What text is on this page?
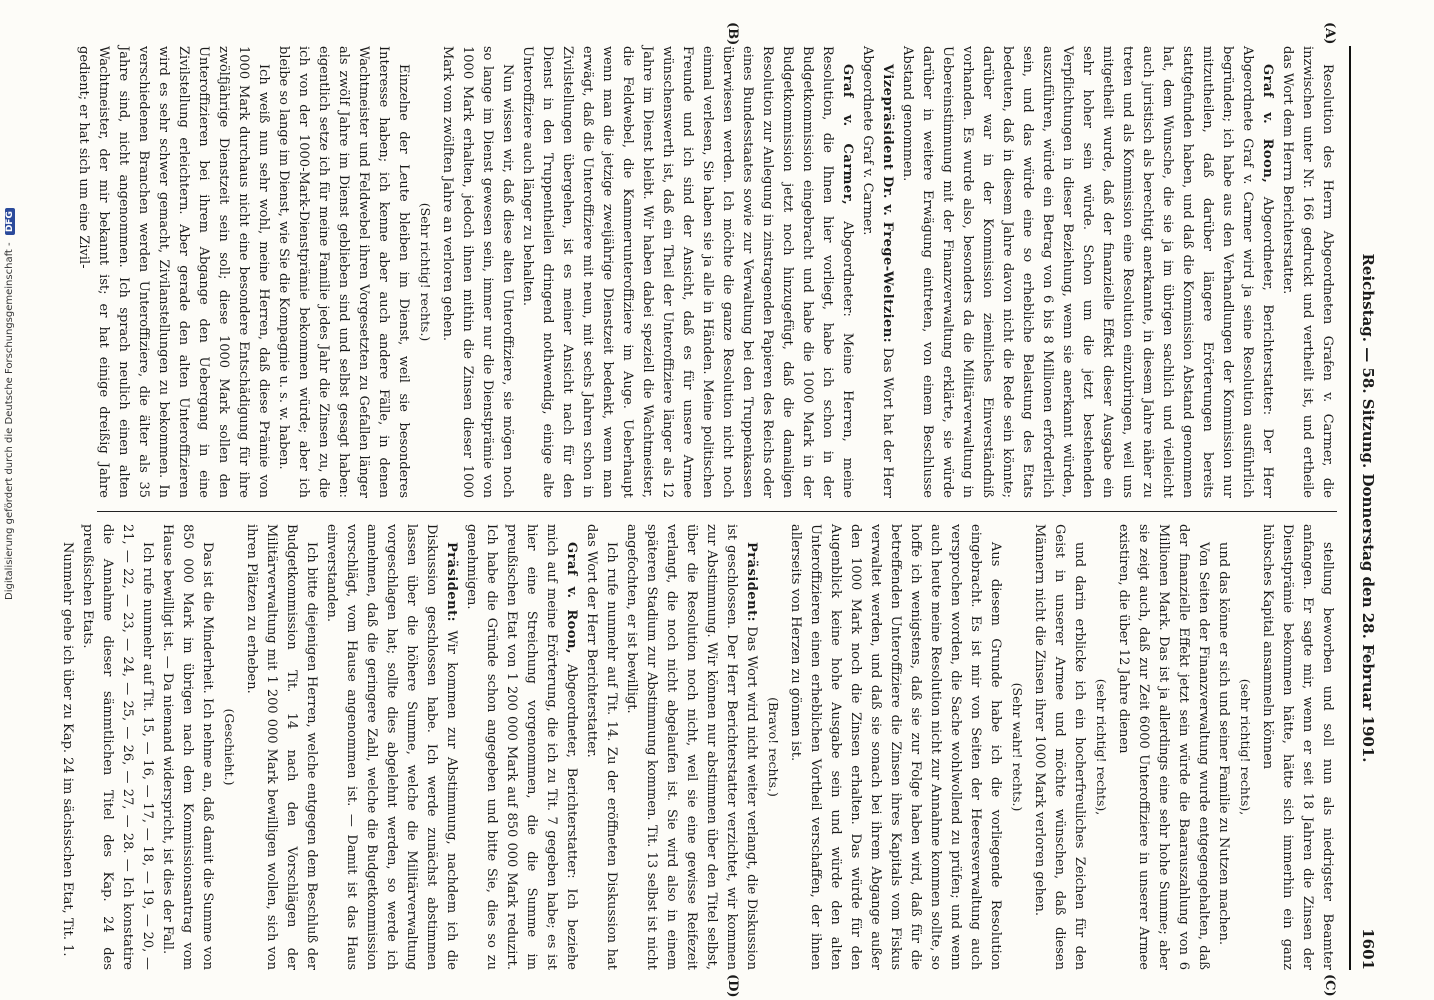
Reichstag. — 58. Sitzung. Donnerstag den 28. Februar 1901.
1601
(A)
(B)
(C)
(D)

Resolution des Herrn Abgeordneten Grafen v. Carmer, die inzwischen unter Nr. 166 gedruckt und vertheilt ist, und ertheile das Wort dem Herrn Berichterstatter.

Graf v. Roon, Abgeordneter, Berichterstatter: Der Herr Abgeordnete Graf v. Carmer wird ja seine Resolution ausführlich begründen; ich habe aus den Verhandlungen der Kommission nur mitzutheilen, daß darüber längere Erörterungen bereits stattgefunden haben, und daß die Kommission Abstand genommen hat, dem Wunsche, die sie ja im übrigen sachlich und vielleicht auch juristisch als berechtigt anerkannte, in diesem Jahre näher zu treten und als Kommission eine Resolution einzubringen, weil uns mitgetheilt wurde, daß der finanzielle Effekt dieser Ausgabe ein sehr hoher sein würde. Schon um die jetzt bestehenden Verpflichtungen in dieser Beziehung, wenn sie anerkannt würden, auszuführen, würde ein Betrag von 6 bis 8 Millionen erforderlich sein, und das würde eine so erhebliche Belastung des Etats bedeuten, daß in diesem Jahre davon nicht die Rede sein könnte; darüber war in der Kommission ziemliches Einverständniß vorhanden. Es wurde also, besonders da die Militärverwaltung in Uebereinstimmung mit der Finanzverwaltung erklärte, sie würde darüber in weitere Erwägung eintreten, von einem Beschlusse Abstand genommen.

Vizepräsident Dr. v. Frege-Weltzien: Das Wort hat der Herr Abgeordnete Graf v. Carmer.

Graf v. Carmer, Abgeordneter: Meine Herren, meine Resolution, die Ihnen hier vorliegt, habe ich schon in der Budgetkommission eingebracht und habe die 1000 Mark in der Budgetkommission jetzt noch hinzugefügt, daß die damaligen Resolution zur Anlegung in zinstragenden Papieren des Reichs oder eines Bundesstaates sowie zur Verwaltung bei den Truppenkassen überwiesen werden. Ich möchte die ganze Resolution nicht noch einmal verlesen, Sie haben sie ja alle in Händen. Meine politischen Freunde und ich sind der Ansicht, daß es für unsere Armee wünschenswerth ist, daß ein Theil der Unteroffiziere länger als 12 Jahre im Dienst bleibt. Wir haben dabei speziell die Wachtmeister, die Feldwebel, die Kammerunteroffiziere im Auge. Ueberhaupt wenn man die jetzige zweijährige Dienstzeit bedenkt, wenn man erwägt, daß die Unteroffiziere mit neun, mit sechs Jahren schon in Zivilstellungen übergehen, ist es meiner Ansicht nach für den Dienst in den Truppentheilen dringend nothwendig, einige alte Unteroffiziere auch länger zu behalten.

Nun wissen wir, daß diese alten Unteroffiziere, sie mögen noch so lange im Dienst gewesen sein, immer nur die Dienstprämie von 1000 Mark erhalten, jedoch ihnen mithin die Zinsen dieser 1000 Mark vom zwölften Jahre an verloren gehen.

(Sehr richtig! rechts.)

Einzelne der Leute bleiben im Dienst, weil sie besonderes Interesse haben; ich kenne aber auch andere Fälle, in denen Wachtmeister und Feldwebel ihren Vorgesetzten zu Gefallen länger als zwölf Jahre im Dienst geblieben sind und selbst gesagt haben: eigentlich setze ich für meine Familie jedes Jahr die Zinsen zu, die ich von der 1000-Mark-Dienstprämie bekommen würde; aber ich bleibe so lange im Dienst, wie Sie die Kompagnie u. s. w. haben.

Ich weiß nun sehr wohl, meine Herren, daß diese Prämie von 1000 Mark durchaus nicht eine besondere Entschädigung für ihre zwölfjährige Dienstzeit sein soll; diese 1000 Mark sollen den Unteroffizieren bei ihrem Abgange den Uebergang in eine Zivilstellung erleichtern. Aber gerade den alten Unteroffizieren wird es sehr schwer gemacht, Zivilanstellungen zu bekommen. In verschiedenen Branchen werden Unteroffiziere, die älter als 35 Jahre sind, nicht angenommen. Ich sprach neulich einen alten Wachtmeister, der mir bekannt ist; er hat einige dreißig Jahre gedient; er hat sich um eine Zivil-

stellung beworben und soll nun als niedrigster Beamter anfangen. Er sagte mir, wenn er seit 18 Jahren die Zinsen der Dienstprämie bekommen hätte, hätte sich immerhin ein ganz hübsches Kapital ansammeln können

(sehr richtig! rechts),

und das könne er sich und seiner Familie zu Nutzen machen.

Von Seiten der Finanzverwaltung wurde entgegengehalten, daß der finanzielle Effekt jetzt sein würde die Baarauszahlung von 6 Millionen Mark. Das ist ja allerdings eine sehr hohe Summe; aber sie zeigt auch, daß zur Zeit 6000 Unteroffiziere in unserer Armee existiren, die über 12 Jahre dienen

(sehr richtig! rechts),

und darin erblicke ich ein hocherfreuliches Zeichen für den Geist in unserer Armee und möchte wünschen, daß diesen Männern nicht die Zinsen ihrer 1000 Mark verloren gehen.

(Sehr wahr! rechts.)

Aus diesem Grunde habe ich die vorliegende Resolution eingebracht. Es ist mir von Seiten der Heeresverwaltung auch versprochen worden, die Sache wohlwollend zu prüfen; und wenn auch heute meine Resolution nicht zur Annahme kommen sollte, so hoffe ich wenigstens, daß sie zur Folge haben wird, daß für die betreffenden Unteroffiziere die Zinsen ihres Kapitals vom Fiskus verwaltet werden, und daß sie sonach bei ihrem Abgange außer den 1000 Mark noch die Zinsen erhalten. Das würde für den Augenblick keine hohe Ausgabe sein und würde den alten Unteroffizieren einen erheblichen Vortheil verschaffen, der ihnen allerseits von Herzen zu gönnen ist.

(Bravo! rechts.)

Präsident: Das Wort wird nicht weiter verlangt, die Diskussion ist geschlossen. Der Herr Berichterstatter verzichtet, wir kommen zur Abstimmung. Wir können nur abstimmen über den Titel selbst, über die Resolution noch nicht, weil sie eine gewisse Reifezeit verlangt, die noch nicht abgelaufen ist. Sie wird also in einem späteren Stadium zur Abstimmung kommen. Tit. 13 selbst ist nicht angefochten, er ist bewilligt.

Ich rufe nunmehr auf Tit. 14. Zu der eröffneten Diskussion hat das Wort der Herr Berichterstatter.

Graf v. Roon, Abgeordneter, Berichterstatter: Ich beziehe mich auf meine Erörterung, die ich zu Tit. 7 gegeben habe; es ist hier eine Streichung vorgenommen, die die Summe im preußischen Etat von 1 200 000 Mark auf 850 000 Mark reduzirt. Ich habe die Gründe schon angegeben und bitte Sie, dies so zu genehmigen.

Präsident: Wir kommen zur Abstimmung, nachdem ich die Diskussion geschlossen habe. Ich werde zunächst abstimmen lassen über die höhere Summe, welche die Militärverwaltung vorgeschlagen hat; sollte dies abgelehnt werden, so werde ich annehmen, daß die geringere Zahl, welche die Budgetkommission vorschlägt, vom Hause angenommen ist. — Damit ist das Haus einverstanden.

Ich bitte diejenigen Herren, welche entgegen dem Beschluß der Budgetkommission Tit. 14 nach den Vorschlägen der Militärverwaltung mit 1 200 000 Mark bewilligen wollen, sich von ihren Plätzen zu erheben.

(Geschieht.)

Das ist die Minderheit. Ich nehme an, daß damit die Summe von 850 000 Mark im übrigen nach dem Kommissionsantrag vom Hause bewilligt ist. — Da niemand widerspricht, ist dies der Fall.

Ich rufe nunmehr auf Tit. 15, — 16, — 17, — 18, — 19, — 20, — 21, — 22, — 23, — 24, — 25, — 26, — 27, — 28. — Ich konstatire die Annahme dieser sämmtlichen Titel des Kap. 24 des preußischen Etats.

Nunmehr gehe ich über zu Kap. 24 im sächsischen Etat, Tit. 1.

Digitalisierung gefördert durch die Deutsche Forschungsgemeinschaft - DFG
